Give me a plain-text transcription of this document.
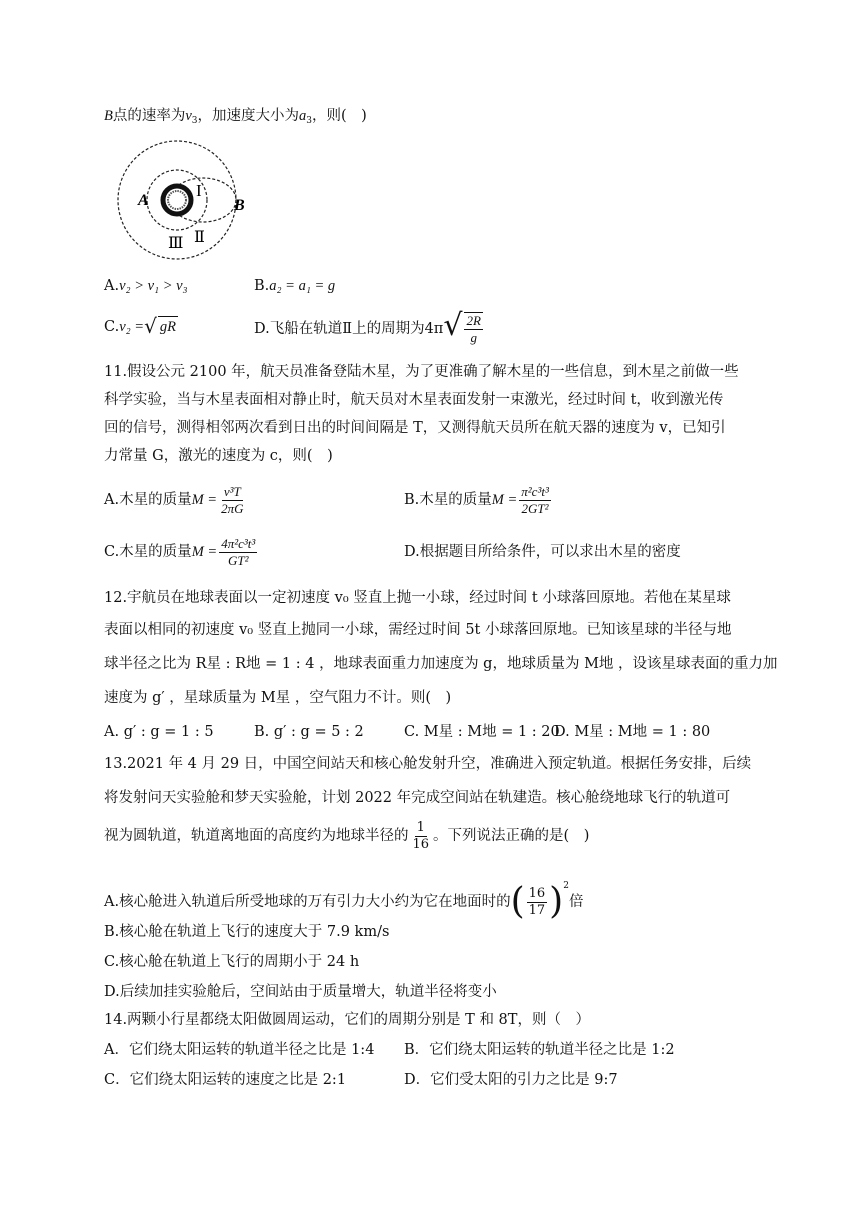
B点的速率为$v_3$，加速度大小为$a_3$，则(　)
A
I
B
Ⅲ Ⅱ
A.v₂ > v₁ > v₃	B.a₂ = a₁ = g
C.v₂ =√ gR	D.飞船在轨道Ⅱ上的周期为$4\pi√ \frac{2R}{g}$
11.假设公元 2100 年，航天员准备登陆木星，为了更准确了解木星的一些信息，到木星之前做一些
科学实验，当与木星表面相对静止时，航天员对木星表面发射一束激光，经过时间 t，收到激光传
回的信号，测得相邻两次看到日出的时间间隔是 T，又测得航天员所在航天器的速度为 v，已知引
力常量 G，激光的速度为 c，则(　)
A.木星的质量$M = \frac{\text{v³T}}{2\pi G}$	B.木星的质量$M = \frac{\text{π²c³t³}}{\text{2GT²}}$
C.木星的质量$M = \frac{\text{4π²c³t³}}{\text{GT²}}$	D.根据题目所给条件，可以求出木星的密度
12.宇航员在地球表面以一定初速度 v₀ 竖直上抛一小球，经过时间 t 小球落回原地。若他在某星球
表面以相同的初速度 v₀ 竖直上抛同一小球，需经过时间 5t 小球落回原地。已知该星球的半径与地
球半径之比为 R星 : R地 = 1 : 4 ，地球表面重力加速度为 g，地球质量为 M地 ，设该星球表面的重力加
速度为 g′ ，星球质量为 M星 ，空气阻力不计。则(　)
A. g′ : g = 1 : 5	B. g′ : g = 5 : 2	C. M星 : M地 = 1 : 20
D. M星 : M地 = 1 : 80
13.2021 年 4 月 29 日，中国空间站天和核心舱发射升空，准确进入预定轨道。根据任务安排，后续
将发射问天实验舱和梦天实验舱，计划 2022 年完成空间站在轨建造。核心舱绕地球飞行的轨道可
视为圆轨道，轨道离地面的高度约为地球半径的 $\frac{1}{16}$ 。下列说法正确的是(　)
A.核心舱进入轨道后所受地球的万有引力大小约为它在地面时的( $\frac{16}{17} )^2$倍
B.核心舱在轨道上飞行的速度大于 7.9 km/s
C.核心舱在轨道上飞行的周期小于 24 h
D.后续加挂实验舱后，空间站由于质量增大，轨道半径将变小
14.两颗小行星都绕太阳做圆周运动，它们的周期分别是 T 和 8T，则（　）
A．它们绕太阳运转的轨道半径之比是 1:4 B．它们绕太阳运转的轨道半径之比是 1:2
C．它们绕太阳运转的速度之比是 2:1	D．它们受太阳的引力之比是 9:7
